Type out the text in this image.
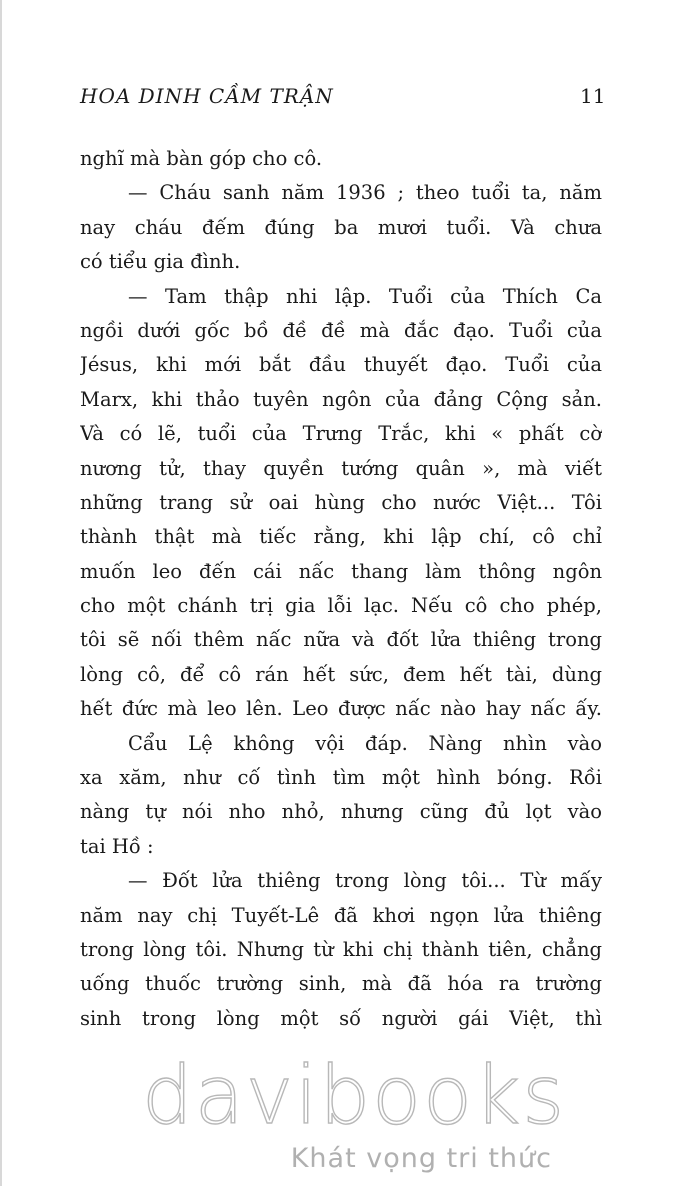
HOA DINH CẦM TRẬN	11
nghĩ mà bàn góp cho cô.
— Cháu sanh năm 1936 ; theo tuổi ta, năm
nay cháu đếm đúng ba mươi tuổi. Và chưa
có tiểu gia đình.
— Tam thập nhi lập. Tuổi của Thích Ca
ngồi dưới gốc bồ đề đề mà đắc đạo. Tuổi của
Jésus, khi mới bắt đầu thuyết đạo. Tuổi của
Marx, khi thảo tuyên ngôn của đảng Cộng sản.
Và có lẽ, tuổi của Trưng Trắc, khi « phất cờ
nương tử, thay quyền tướng quân », mà viết
những trang sử oai hùng cho nước Việt... Tôi
thành thật mà tiếc rằng, khi lập chí, cô chỉ
muốn leo đến cái nấc thang làm thông ngôn
cho một chánh trị gia lỗi lạc. Nếu cô cho phép,
tôi sẽ nối thêm nấc nữa và đốt lửa thiêng trong
lòng cô, để cô rán hết sức, đem hết tài, dùng
hết đức mà leo lên. Leo được nấc nào hay nấc ấy.
Cẩu Lệ không vội đáp. Nàng nhìn vào
xa xăm, như cố tình tìm một hình bóng. Rồi
nàng tự nói nho nhỏ, nhưng cũng đủ lọt vào
tai Hồ :
— Đốt lửa thiêng trong lòng tôi... Từ mấy
năm nay chị Tuyết-Lê đã khơi ngọn lửa thiêng
trong lòng tôi. Nhưng từ khi chị thành tiên, chẳng
uống thuốc trường sinh, mà đã hóa ra trường
sinh trong lòng một số người gái Việt, thì
davibooks
Khát vọng tri thức
